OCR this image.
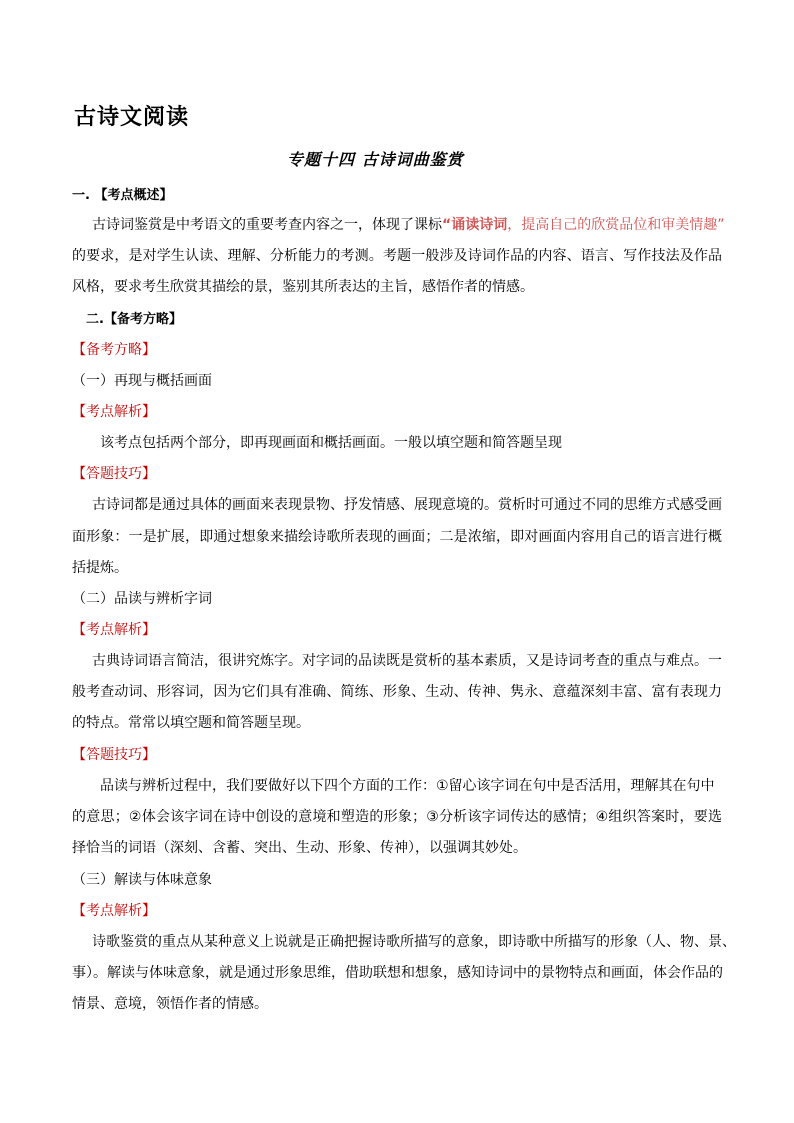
古诗文阅读
专题十四 古诗词曲鉴赏
一. 【考点概述】
古诗词鉴赏是中考语文的重要考查内容之一，体现了课标“诵读诗词，提高自己的欣赏品位和审美情趣”
的要求，是对学生认读、理解、分析能力的考测。考题一般涉及诗词作品的内容、语言、写作技法及作品
风格，要求考生欣赏其描绘的景，鉴别其所表达的主旨，感悟作者的情感。
二.【备考方略】
【备考方略】
（一）再现与概括画面
【考点解析】
该考点包括两个部分，即再现画面和概括画面。一般以填空题和简答题呈现
【答题技巧】
古诗词都是通过具体的画面来表现景物、抒发情感、展现意境的。赏析时可通过不同的思维方式感受画
面形象：一是扩展，即通过想象来描绘诗歌所表现的画面；二是浓缩，即对画面内容用自己的语言进行概
括提炼。
（二）品读与辨析字词
【考点解析】
古典诗词语言简洁，很讲究炼字。对字词的品读既是赏析的基本素质，又是诗词考查的重点与难点。一
般考查动词、形容词，因为它们具有准确、简练、形象、生动、传神、隽永、意蕴深刻丰富、富有表现力
的特点。常常以填空题和简答题呈现。
【答题技巧】
品读与辨析过程中，我们要做好以下四个方面的工作：①留心该字词在句中是否活用，理解其在句中
的意思；②体会该字词在诗中创设的意境和塑造的形象；③分析该字词传达的感情；④组织答案时，要选
择恰当的词语（深刻、含蓄、突出、生动、形象、传神），以强调其妙处。
（三）解读与体味意象
【考点解析】
诗歌鉴赏的重点从某种意义上说就是正确把握诗歌所描写的意象，即诗歌中所描写的形象（人、物、景、
事）。解读与体味意象，就是通过形象思维，借助联想和想象，感知诗词中的景物特点和画面，体会作品的
情景、意境，领悟作者的情感。
